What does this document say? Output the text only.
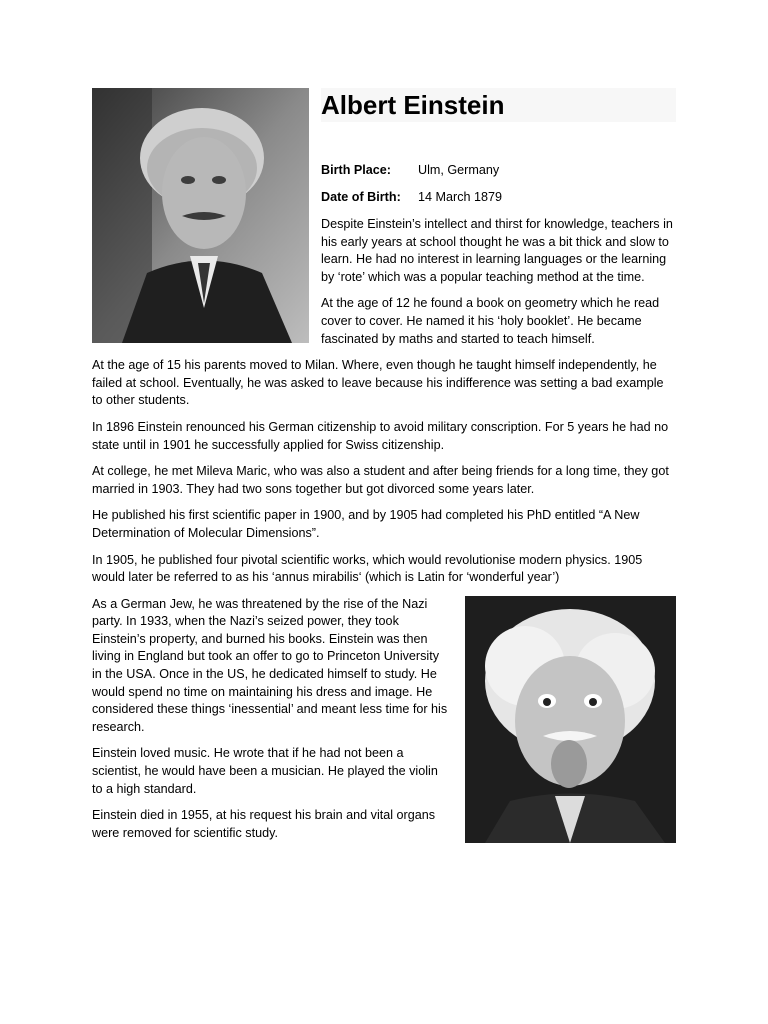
Albert Einstein
Birth Place: Ulm, Germany
Date of Birth: 14 March 1879

Despite Einstein’s intellect and thirst for knowledge, teachers in his early years at school thought he was a bit thick and slow to learn. He had no interest in learning languages or the learning by ‘rote’ which was a popular teaching method at the time.

At the age of 12 he found a book on geometry which he read cover to cover. He named it his ‘holy booklet’. He became fascinated by maths and started to teach himself.

At the age of 15 his parents moved to Milan. Where, even though he taught himself independently, he failed at school. Eventually, he was asked to leave because his indifference was setting a bad example to other students.

In 1896 Einstein renounced his German citizenship to avoid military conscription. For 5 years he had no state until in 1901 he successfully applied for Swiss citizenship.

At college, he met Mileva Maric, who was also a student and after being friends for a long time, they got married in 1903. They had two sons together but got divorced some years later.

He published his first scientific paper in 1900, and by 1905 had completed his PhD entitled “A New Determination of Molecular Dimensions”.

In 1905, he published four pivotal scientific works, which would revolutionise modern physics. 1905 would later be referred to as his ‘annus mirabilis‘ (which is Latin for ‘wonderful year’)

As a German Jew, he was threatened by the rise of the Nazi party. In 1933, when the Nazi’s seized power, they took Einstein’s property, and burned his books. Einstein was then living in England but took an offer to go to Princeton University in the USA. Once in the US, he dedicated himself to study. He would spend no time on maintaining his dress and image. He considered these things ‘inessential’ and meant less time for his research.

Einstein loved music. He wrote that if he had not been a scientist, he would have been a musician. He played the violin to a high standard.

Einstein died in 1955, at his request his brain and vital organs were removed for scientific study.
